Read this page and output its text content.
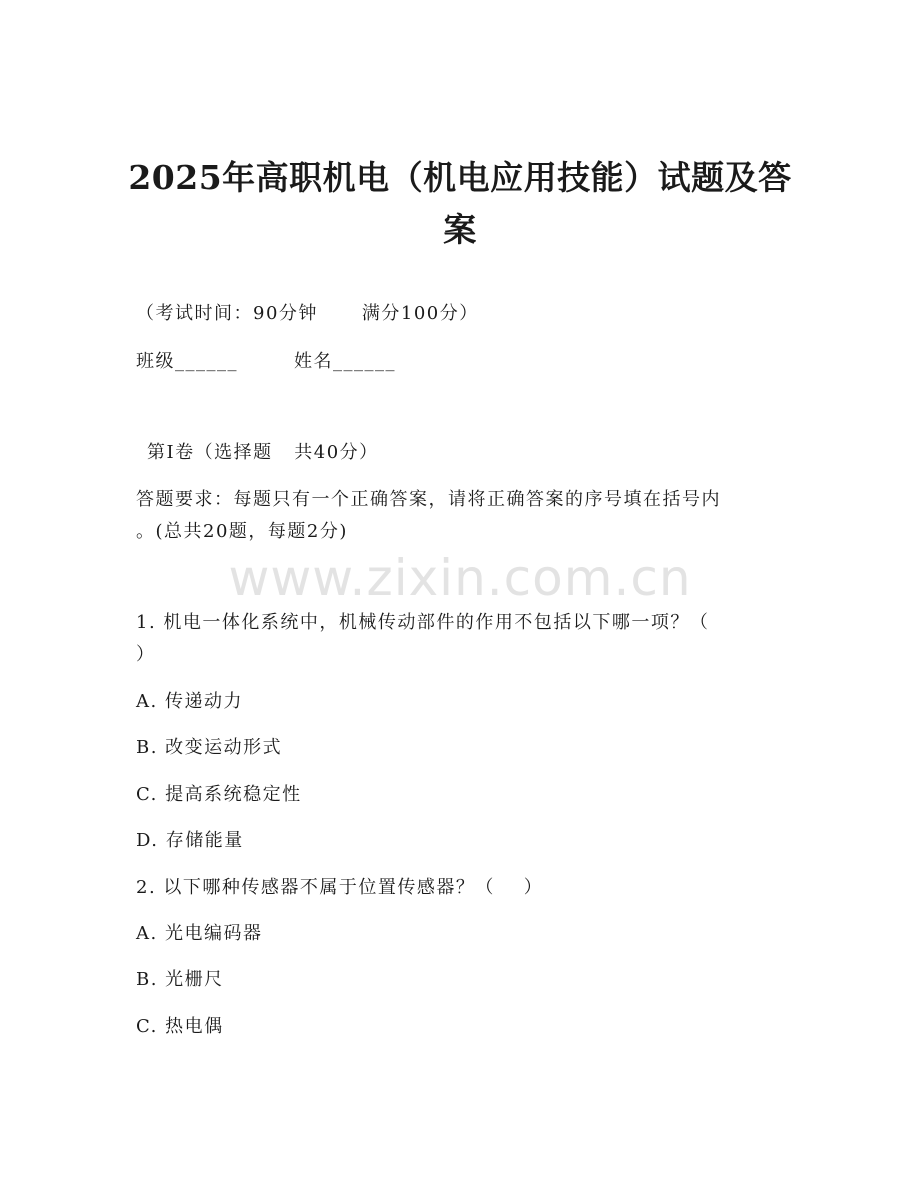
2025年高职机电（机电应用技能）试题及答
案
（考试时间：90分钟 满分100分）
班级______	姓名______
第I卷（选择题   共40分）
答题要求：每题只有一个正确答案，请将正确答案的序号填在括号内
。(总共20题，每题2分)
1. 机电一体化系统中，机械传动部件的作用不包括以下哪一项？（
）
A. 传递动力
B. 改变运动形式
C. 提高系统稳定性
D. 存储能量
2. 以下哪种传感器不属于位置传感器？（    ）
A. 光电编码器
B. 光栅尺
C. 热电偶
www.zixin.com.cn
